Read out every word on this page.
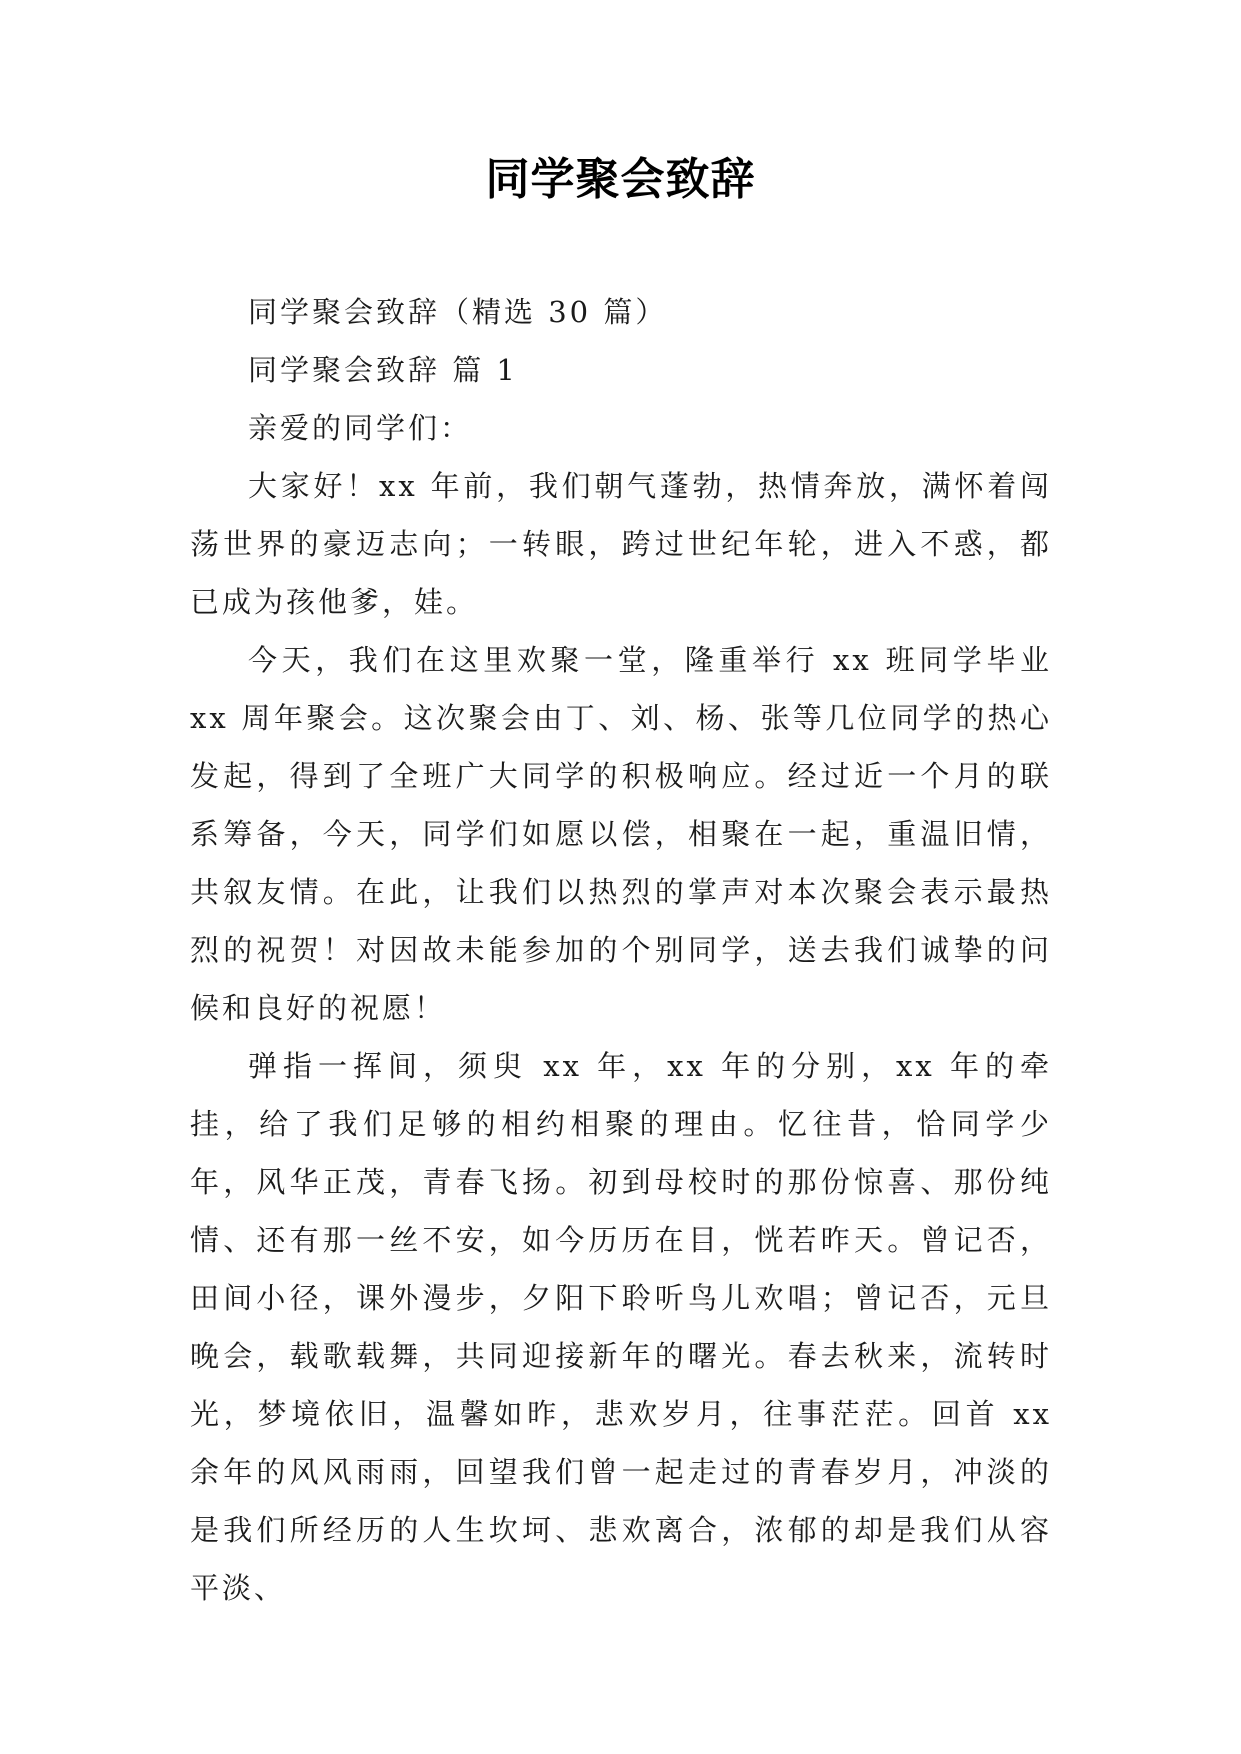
同学聚会致辞

同学聚会致辞（精选 30 篇）

同学聚会致辞 篇 1

亲爱的同学们：

大家好！xx 年前，我们朝气蓬勃，热情奔放，满怀着闯荡世界的豪迈志向；一转眼，跨过世纪年轮，进入不惑，都已成为孩他爹，娃。

今天，我们在这里欢聚一堂，隆重举行 xx 班同学毕业 xx 周年聚会。这次聚会由丁、刘、杨、张等几位同学的热心发起，得到了全班广大同学的积极响应。经过近一个月的联系筹备，今天，同学们如愿以偿，相聚在一起，重温旧情，共叙友情。在此，让我们以热烈的掌声对本次聚会表示最热烈的祝贺！对因故未能参加的个别同学，送去我们诚挚的问候和良好的祝愿！

弹指一挥间，须臾 xx 年，xx 年的分别，xx 年的牵挂，给了我们足够的相约相聚的理由。忆往昔，恰同学少年，风华正茂，青春飞扬。初到母校时的那份惊喜、那份纯情、还有那一丝不安，如今历历在目，恍若昨天。曾记否，田间小径，课外漫步，夕阳下聆听鸟儿欢唱；曾记否，元旦晚会，载歌载舞，共同迎接新年的曙光。春去秋来，流转时光，梦境依旧，温馨如昨，悲欢岁月，往事茫茫。回首 xx 余年的风风雨雨，回望我们曾一起走过的青春岁月，冲淡的是我们所经历的人生坎坷、悲欢离合，浓郁的却是我们从容平淡、
